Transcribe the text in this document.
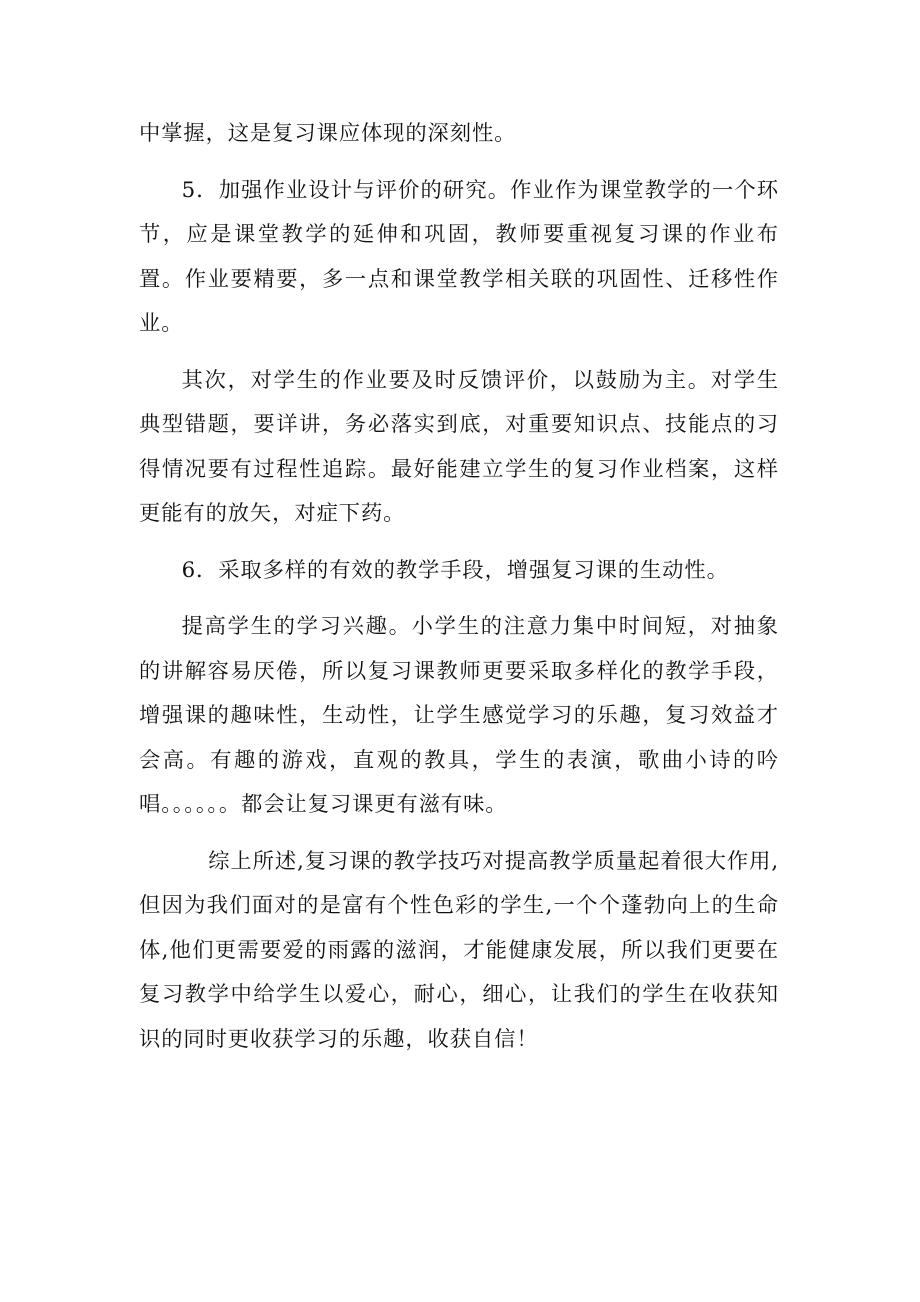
中掌握，这是复习课应体现的深刻性。

5．加强作业设计与评价的研究。作业作为课堂教学的一个环节，应是课堂教学的延伸和巩固，教师要重视复习课的作业布置。作业要精要，多一点和课堂教学相关联的巩固性、迁移性作业。

其次，对学生的作业要及时反馈评价，以鼓励为主。对学生典型错题，要详讲，务必落实到底，对重要知识点、技能点的习得情况要有过程性追踪。最好能建立学生的复习作业档案，这样更能有的放矢，对症下药。

6．采取多样的有效的教学手段，增强复习课的生动性。

提高学生的学习兴趣。小学生的注意力集中时间短，对抽象的讲解容易厌倦，所以复习课教师更要采取多样化的教学手段，增强课的趣味性，生动性，让学生感觉学习的乐趣，复习效益才会高。有趣的游戏，直观的教具，学生的表演，歌曲小诗的吟唱。。。。。。都会让复习课更有滋有味。

综上所述,复习课的教学技巧对提高教学质量起着很大作用,但因为我们面对的是富有个性色彩的学生,一个个蓬勃向上的生命体,他们更需要爱的雨露的滋润，才能健康发展，所以我们更要在复习教学中给学生以爱心，耐心，细心，让我们的学生在收获知识的同时更收获学习的乐趣，收获自信！
